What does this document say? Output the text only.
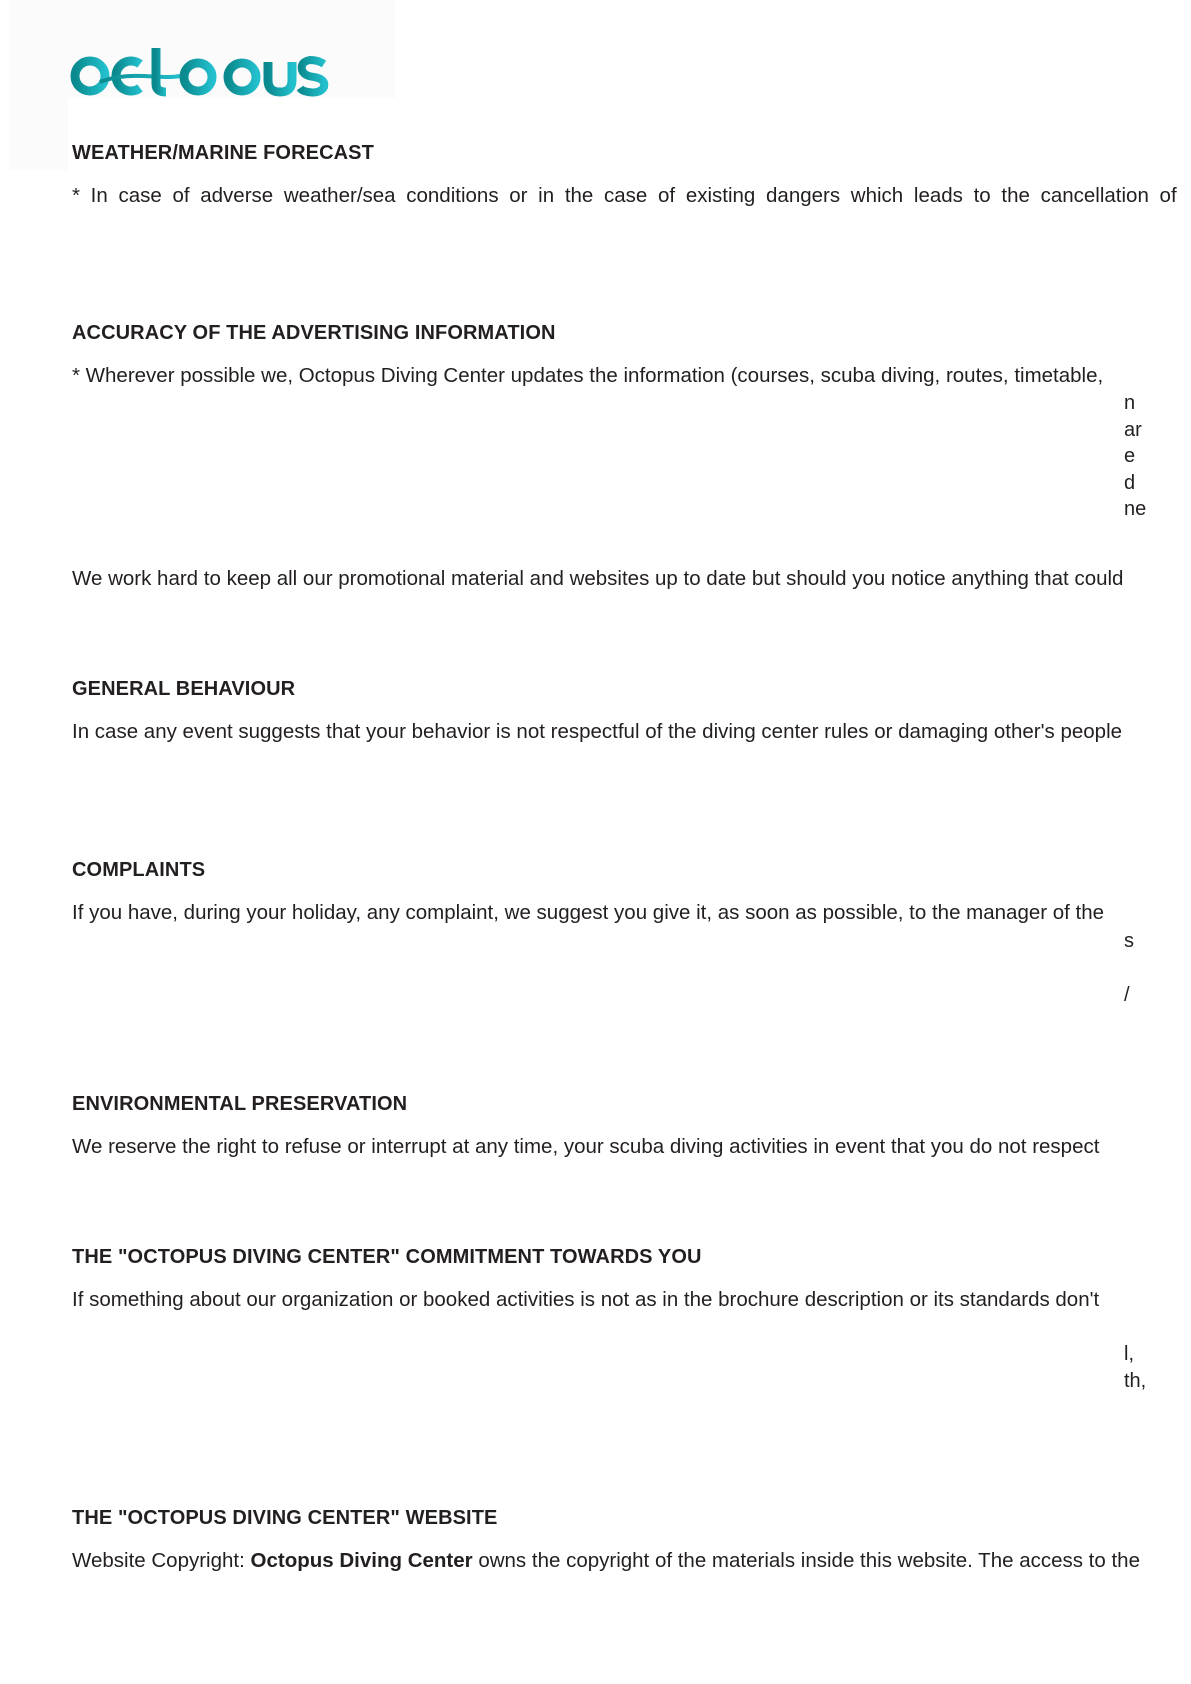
WEATHER/MARINE FORECAST
* In case of adverse weather/sea conditions or in the case of existing dangers which leads to the cancellation of
ACCURACY OF THE ADVERTISING INFORMATION
* Wherever possible we, Octopus Diving Center updates the information (courses, scuba diving, routes, timetable,
n
ar
e
d
ne
We work hard to keep all our promotional material and websites up to date but should you notice anything that could
GENERAL BEHAVIOUR
In case any event suggests that your behavior is not respectful of the diving center rules or damaging other's people
COMPLAINTS
If you have, during your holiday, any complaint, we suggest you give it, as soon as possible, to the manager of the
s
/
ENVIRONMENTAL PRESERVATION
We reserve the right to refuse or interrupt at any time, your scuba diving activities in event that you do not respect
THE "OCTOPUS DIVING CENTER" COMMITMENT TOWARDS YOU
If something about our organization or booked activities is not as in the brochure description or its standards don't
l,
th,
THE "OCTOPUS DIVING CENTER" WEBSITE
Website Copyright: Octopus Diving Center owns the copyright of the materials inside this website. The access to the
